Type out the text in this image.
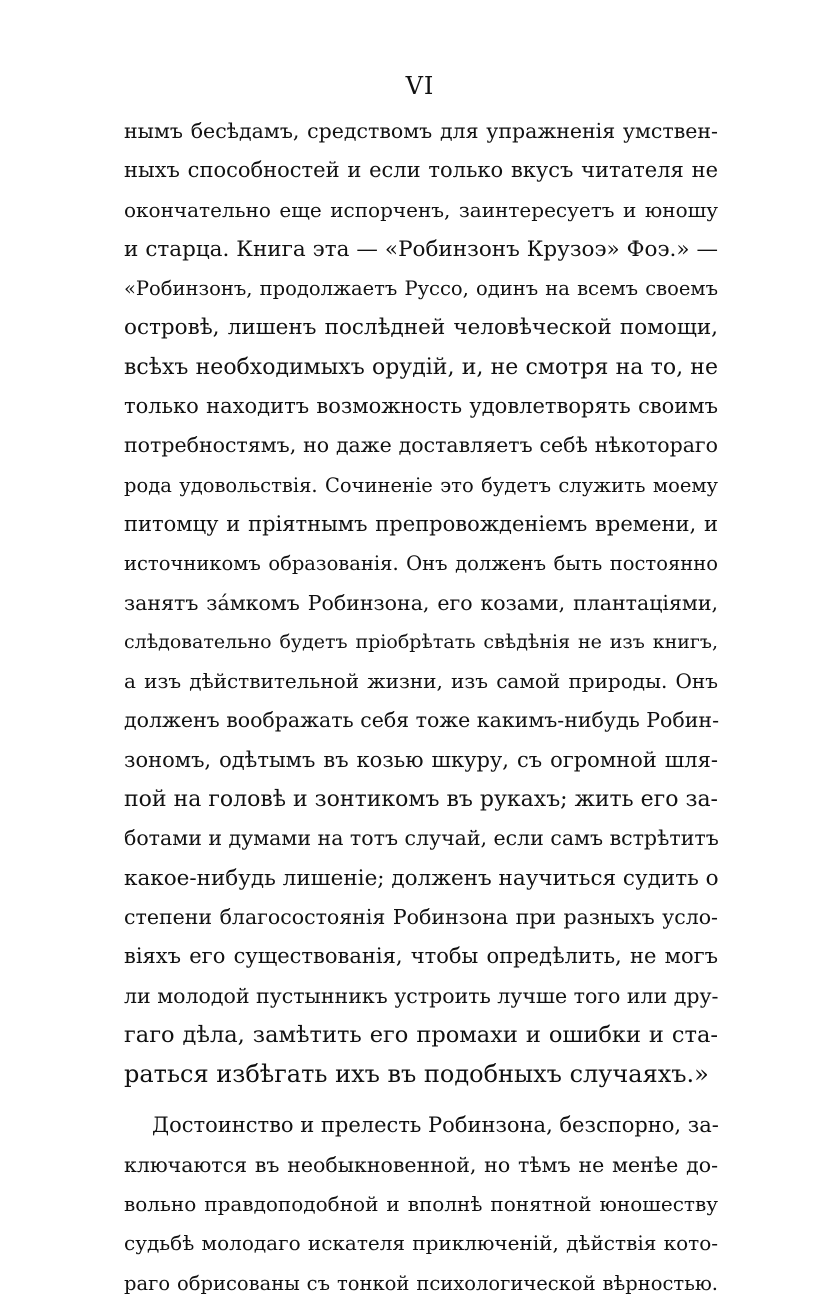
VI
нымъ бесѣдамъ, средствомъ для упражненія умствен-
ныхъ способностей и если только вкусъ читателя не
окончательно еще испорченъ, заинтересуетъ и юношу
и старца. Книга эта — «Робинзонъ Крузоэ» Фоэ.» —
«Робинзонъ, продолжаетъ Руссо, одинъ на всемъ своемъ
островѣ, лишенъ послѣдней человѣческой помощи,
всѣхъ необходимыхъ орудій, и, не смотря на то, не
только находитъ возможность удовлетворять своимъ
потребностямъ, но даже доставляетъ себѣ нѣкотораго
рода удовольствія. Сочиненіе это будетъ служить моему
питомцу и пріятнымъ препровожденіемъ времени, и
источникомъ образованія. Онъ долженъ быть постоянно
занятъ зáмкомъ Робинзона, его козами, плантаціями,
слѣдовательно будетъ пріобрѣтать свѣдѣнія не изъ книгъ,
а изъ дѣйствительной жизни, изъ самой природы. Онъ
долженъ воображать себя тоже какимъ-нибудь Робин-
зономъ, одѣтымъ въ козью шкуру, съ огромной шля-
пой на головѣ и зонтикомъ въ рукахъ; жить его за-
ботами и думами на тотъ случай, если самъ встрѣтитъ
какое-нибудь лишеніе; долженъ научиться судить о
степени благосостоянія Робинзона при разныхъ усло-
віяхъ его существованія, чтобы опредѣлить, не могъ
ли молодой пустынникъ устроить лучше того или дру-
гаго дѣла, замѣтить его промахи и ошибки и ста-
раться избѣгать ихъ въ подобныхъ случаяхъ.»
Достоинство и прелесть Робинзона, безспорно, за-
ключаются въ необыкновенной, но тѣмъ не менѣе до-
вольно правдоподобной и вполнѣ понятной юношеству
судьбѣ молодаго искателя приключеній, дѣйствія кото-
раго обрисованы съ тонкой психологической вѣрностью.
